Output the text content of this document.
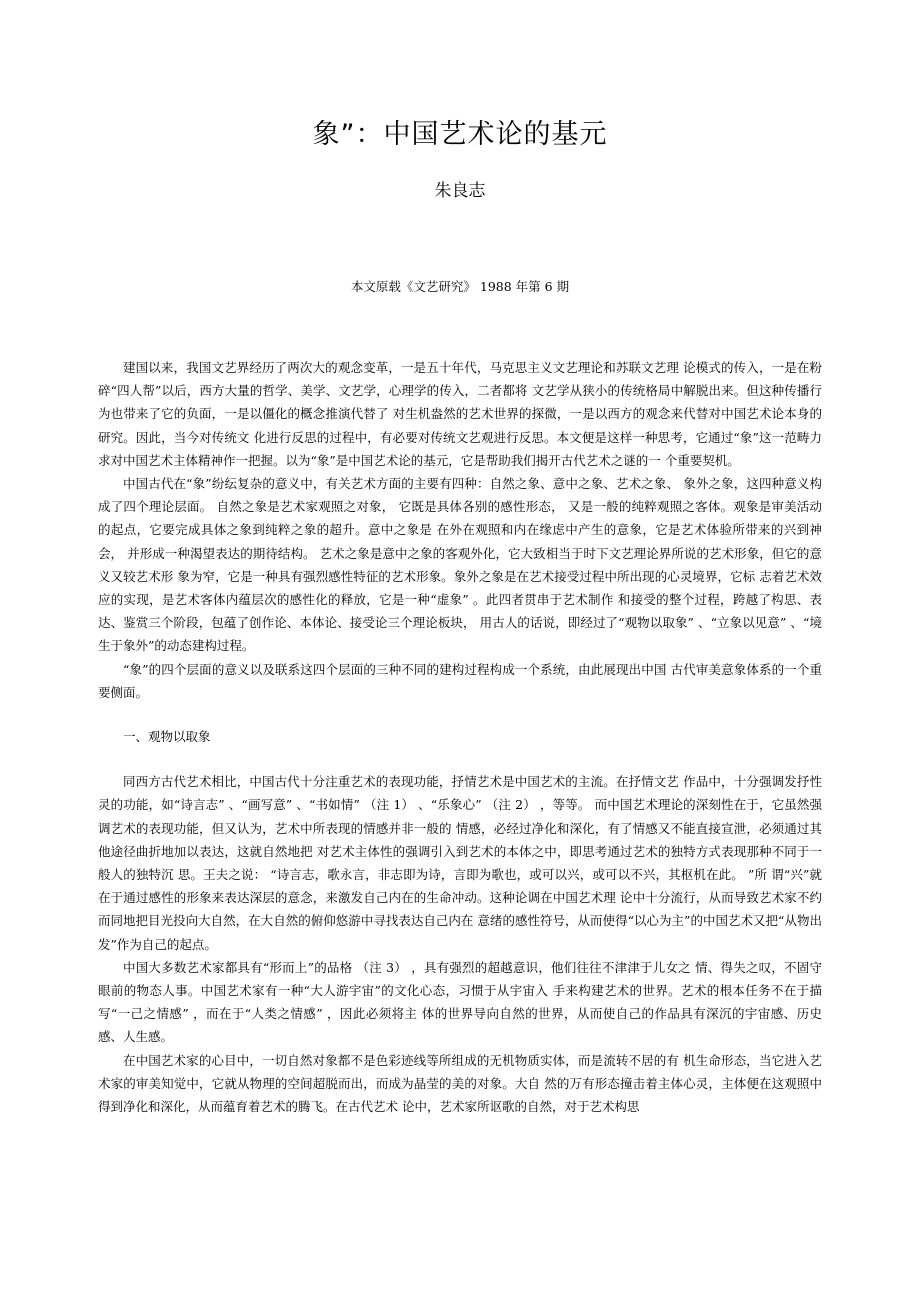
象”：中国艺术论的基元
朱良志
本文原载《文艺研究》 1988 年第 6 期

建国以来，我国文艺界经历了两次大的观念变革，一是五十年代，马克思主义文艺理论和苏联文艺理 论模式的传入，一是在粉碎“四人帮”以后，西方大量的哲学、美学、文艺学，心理学的传入，二者都将 文艺学从狭小的传统格局中解脱出来。但这种传播行为也带来了它的负面，一是以僵化的概念推演代替了 对生机盎然的艺术世界的探微，一是以西方的观念来代替对中国艺术论本身的研究。因此，当今对传统文 化进行反思的过程中，有必要对传统文艺观进行反思。本文便是这样一种思考，它通过“象”这一范畴力 求对中国艺术主体精神作一把握。以为“象”是中国艺术论的基元，它是帮助我们揭开古代艺术之谜的一 个重要契机。

中国古代在“象”纷纭复杂的意义中，有关艺术方面的主要有四种：自然之象、意中之象、艺术之象、 象外之象，这四种意义构成了四个理论层面。 自然之象是艺术家观照之对象， 它既是具体各别的感性形态， 又是一般的纯粹观照之客体。观象是审美活动的起点，它要完成具体之象到纯粹之象的超升。意中之象是 在外在观照和内在缘虑中产生的意象，它是艺术体验所带来的兴到神会， 并形成一种渴望表达的期待结构。 艺术之象是意中之象的客观外化，它大致相当于时下文艺理论界所说的艺术形象，但它的意义又较艺术形 象为窄，它是一种具有强烈感性特征的艺术形象。象外之象是在艺术接受过程中所出现的心灵境界，它标 志着艺术效应的实现，是艺术客体内蕴层次的感性化的释放，它是一种“虚象” 。此四者贯串于艺术制作 和接受的整个过程，跨越了构思、表达、鉴赏三个阶段，包蕴了创作论、本体论、接受论三个理论板块， 用古人的话说，即经过了“观物以取象” 、“立象以见意” 、“境生于象外”的动态建构过程。

“象”的四个层面的意义以及联系这四个层面的三种不同的建构过程构成一个系统，由此展现出中国 古代审美意象体系的一个重要侧面。

一、观物以取象

同西方古代艺术相比，中国古代十分注重艺术的表现功能，抒情艺术是中国艺术的主流。在抒情文艺 作品中，十分强调发抒性灵的功能，如“诗言志” 、“画写意” 、“书如情” （注 1） 、“乐象心” （注 2） ，等等。 而中国艺术理论的深刻性在于，它虽然强调艺术的表现功能，但又认为，艺术中所表现的情感并非一般的 情感，必经过净化和深化，有了情感又不能直接宣泄，必须通过其他途径曲折地加以表达，这就自然地把 对艺术主体性的强调引入到艺术的本体之中，即思考通过艺术的独特方式表现那种不同于一般人的独特沉 思。王夫之说： “诗言志，歌永言，非志即为诗，言即为歌也，或可以兴，或可以不兴，其枢机在此。 ”所 谓“兴”就在于通过感性的形象来表达深层的意念，来激发自己内在的生命冲动。这种论调在中国艺术理 论中十分流行，从而导致艺术家不约而同地把目光投向大自然，在大自然的俯仰悠游中寻找表达自己内在 意绪的感性符号，从而使得“以心为主”的中国艺术又把“从物出发”作为自己的起点。

中国大多数艺术家都具有“形而上”的品格 （注 3） ，具有强烈的超越意识，他们往往不津津于儿女之 情、得失之叹，不固守眼前的物态人事。中国艺术家有一种“大人游宇宙”的文化心态，习惯于从宇宙入 手来构建艺术的世界。艺术的根本任务不在于描写“一己之情感” ，而在于“人类之情感” ，因此必须将主 体的世界导向自然的世界，从而使自己的作品具有深沉的宇宙感、历史感、人生感。

在中国艺术家的心目中，一切自然对象都不是色彩迹线等所组成的无机物质实体，而是流转不居的有 机生命形态，当它进入艺术家的审美知觉中，它就从物理的空间超脱而出，而成为晶莹的美的对象。大自 然的万有形态撞击着主体心灵，主体便在这观照中得到净化和深化，从而蕴育着艺术的腾飞。在古代艺术 论中，艺术家所讴歌的自然，对于艺术构思
